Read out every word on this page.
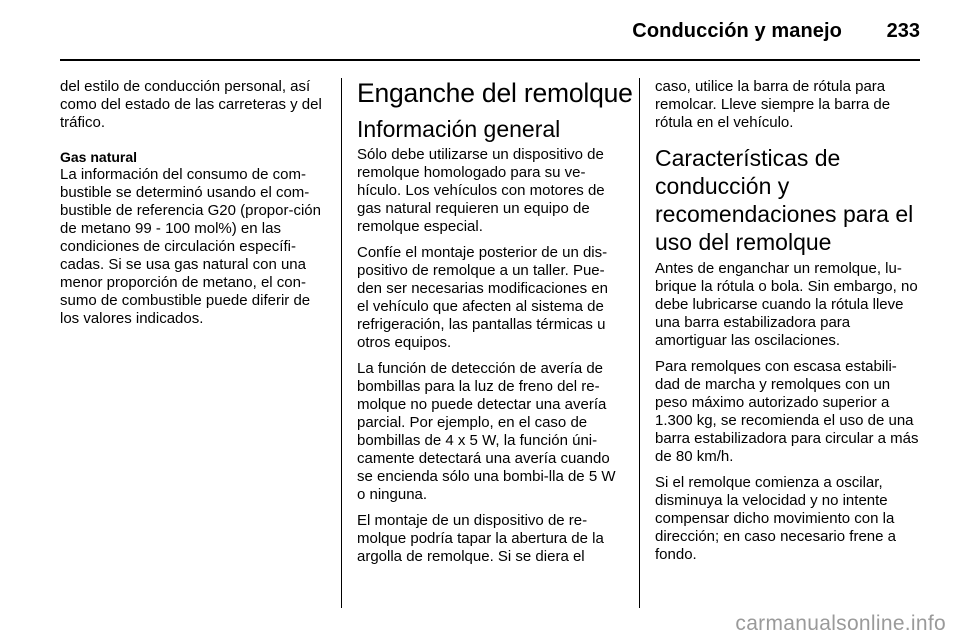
Conducción y manejo 233

del estilo de conducción personal, así como del estado de las carreteras y del tráfico.

Gas natural

La información del consumo de com-bustible se determinó usando el com-bustible de referencia G20 (propor-ción de metano 99 - 100 mol%) en las condiciones de circulación específi-cadas. Si se usa gas natural con una menor proporción de metano, el con-sumo de combustible puede diferir de los valores indicados.

Enganche del remolque
Información general

Sólo debe utilizarse un dispositivo de remolque homologado para su ve-hículo. Los vehículos con motores de gas natural requieren un equipo de remolque especial.

Confíe el montaje posterior de un dis-positivo de remolque a un taller. Pue-den ser necesarias modificaciones en el vehículo que afecten al sistema de refrigeración, las pantallas térmicas u otros equipos.

La función de detección de avería de bombillas para la luz de freno del re-molque no puede detectar una avería parcial. Por ejemplo, en el caso de bombillas de 4 x 5 W, la función úni-camente detectará una avería cuando se encienda sólo una bombi-lla de 5 W o ninguna.

El montaje de un dispositivo de re-molque podría tapar la abertura de la argolla de remolque. Si se diera el

caso, utilice la barra de rótula para remolcar. Lleve siempre la barra de rótula en el vehículo.

Características de conducción y recomendaciones para el uso del remolque

Antes de enganchar un remolque, lu-brique la rótula o bola. Sin embargo, no debe lubricarse cuando la rótula lleve una barra estabilizadora para amortiguar las oscilaciones.

Para remolques con escasa estabili-dad de marcha y remolques con un peso máximo autorizado superior a 1.300 kg, se recomienda el uso de una barra estabilizadora para circular a más de 80 km/h.

Si el remolque comienza a oscilar, disminuya la velocidad y no intente compensar dicho movimiento con la dirección; en caso necesario frene a fondo.

carmanualsonline.info
